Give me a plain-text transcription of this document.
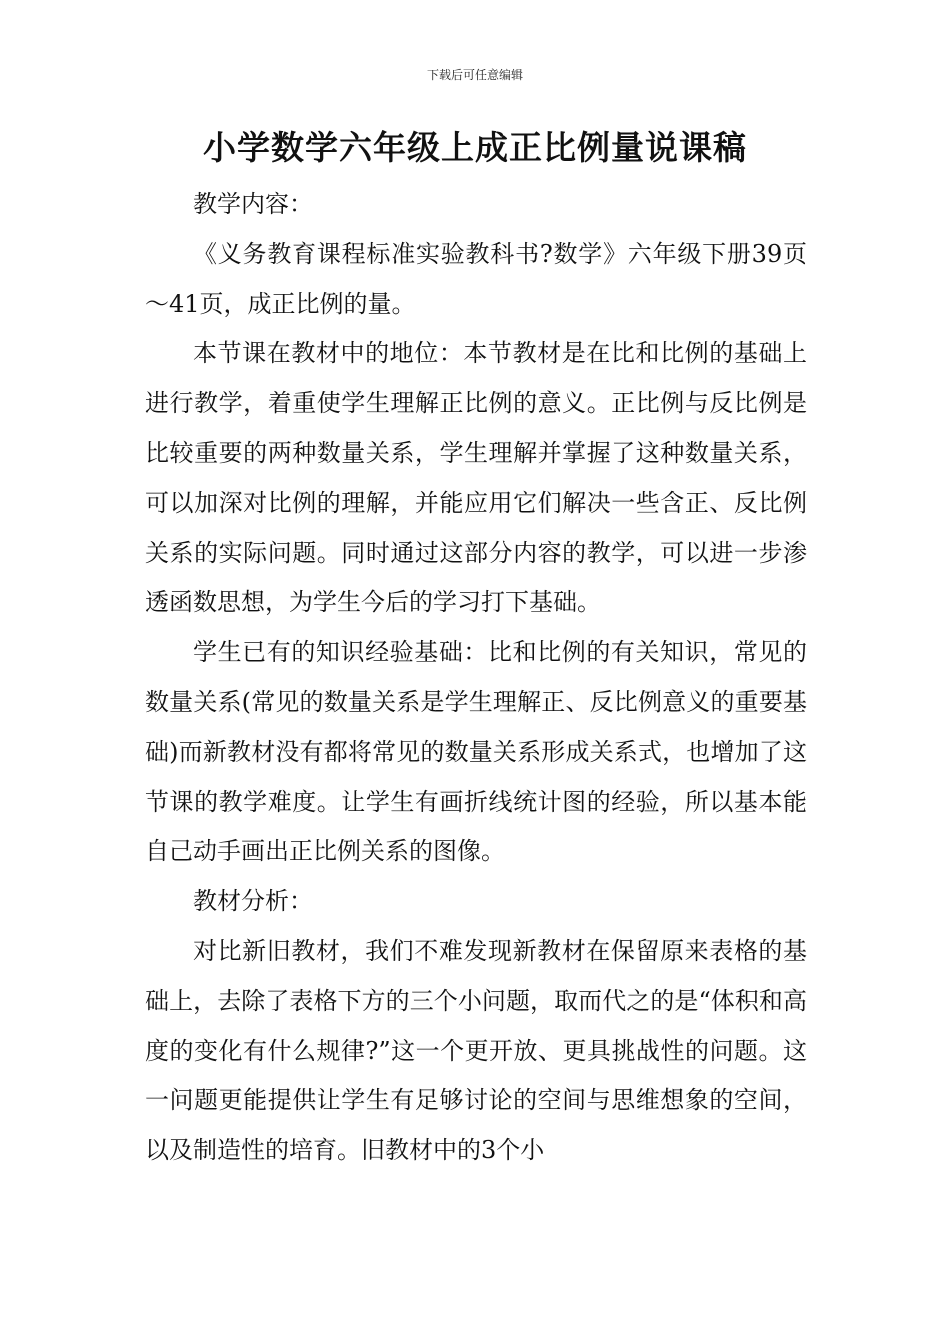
下载后可任意编辑
小学数学六年级上成正比例量说课稿

教学内容：

《义务教育课程标准实验教科书?数学》六年级下册39页～41页，成正比例的量。

本节课在教材中的地位：本节教材是在比和比例的基础上进行教学，着重使学生理解正比例的意义。正比例与反比例是比较重要的两种数量关系，学生理解并掌握了这种数量关系，可以加深对比例的理解，并能应用它们解决一些含正、反比例关系的实际问题。同时通过这部分内容的教学，可以进一步渗透函数思想，为学生今后的学习打下基础。

学生已有的知识经验基础：比和比例的有关知识，常见的数量关系(常见的数量关系是学生理解正、反比例意义的重要基础)而新教材没有都将常见的数量关系形成关系式，也增加了这节课的教学难度。让学生有画折线统计图的经验，所以基本能自己动手画出正比例关系的图像。

教材分析：

对比新旧教材，我们不难发现新教材在保留原来表格的基础上，去除了表格下方的三个小问题，取而代之的是“体积和高度的变化有什么规律?”这一个更开放、更具挑战性的问题。这一问题更能提供让学生有足够讨论的空间与思维想象的空间，以及制造性的培育。旧教材中的3个小
